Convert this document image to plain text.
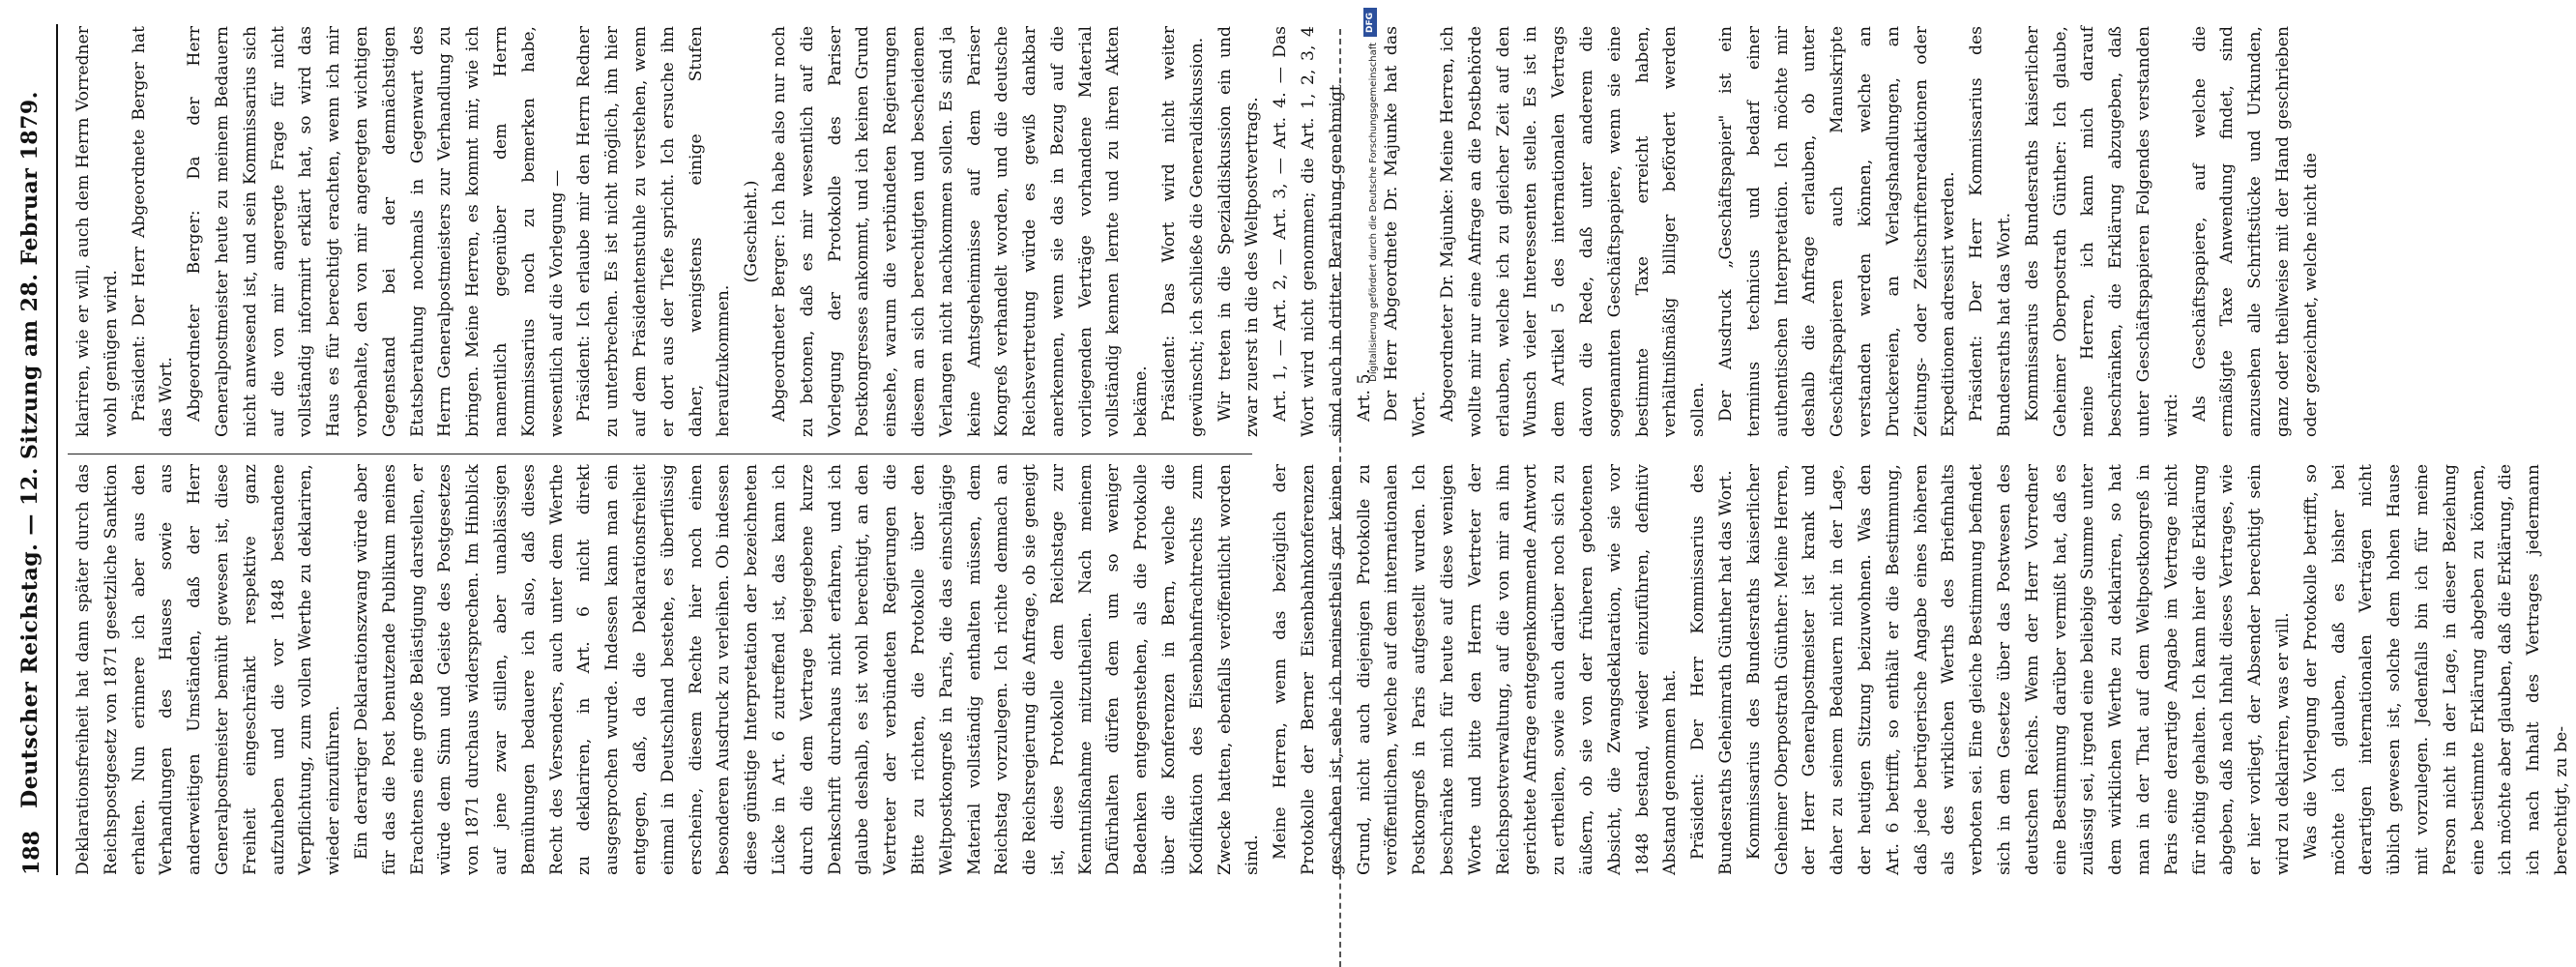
188
Deutscher Reichstag. — 12. Sitzung am 28. Februar 1879. Deklarationsfreiheit hat dann später durch das Reichspostgesetz von 1871 gesetzliche Sanktion erhalten. Nun erinnere ich aber aus den Verhandlungen des Hauses sowie aus anderweitigen Umständen, daß der Herr Generalpostmeister bemüht gewesen ist, diese Freiheit eingeschränkt respektive ganz aufzuheben und die vor 1848 bestandene Verpflichtung, zum vollen Werthe zu deklariren, wieder einzuführen. Ein derartiger Deklarationszwang würde aber für das die Post benutzende Publikum meines Erachtens eine große Belästigung darstellen, er würde dem Sinn und Geiste des Postgesetzes von 1871 durchaus widersprechen. Im Hinblick auf jene zwar stillen, aber unablässigen Bemühungen bedauere ich also, daß dieses Recht des Versenders, auch unter dem Werthe zu deklariren, in Art. 6 nicht direkt ausgesprochen wurde. Indessen kann man ein entgegen, daß, da die Deklarationsfreiheit einmal in Deutschland bestehe, es überflüssig erscheine, diesem Rechte hier noch einen besonderen Ausdruck zu verleihen. Ob indessen diese günstige Interpretation der bezeichneten Lücke in Art. 6 zutreffend ist, das kann ich durch die dem Vertrage beigegebene kurze Denkschrift durchaus nicht erfahren, und ich glaube deshalb, es ist wohl berechtigt, an den Vertreter der verbündeten Regierungen die Bitte zu richten, die Protokolle über den Weltpostkongreß in Paris, die das einschlägige Material vollständig enthalten müssen, dem Reichstag vorzulegen. Ich richte demnach an die Reichsregierung die Anfrage, ob sie geneigt ist, diese Protokolle dem Reichstage zur Kenntnißnahme mitzutheilen. Nach meinem Dafürhalten dürfen dem um so weniger Bedenken entgegenstehen, als die Protokolle über die Konferenzen in Bern, welche die Kodifikation des Eisenbahnfrachtrechts zum Zwecke hatten, ebenfalls veröffentlicht worden sind. Meine Herren, wenn das bezüglich der Protokolle der Berner Eisenbahnkonferenzen geschehen ist, sehe ich meinestheils gar keinen Grund, nicht auch diejenigen Protokolle zu veröffentlichen, welche auf dem internationalen Postkongreß in Paris aufgestellt wurden. Ich beschränke mich für heute auf diese wenigen Worte und bitte den Herrn Vertreter der Reichspostverwaltung, auf die von mir an ihn gerichtete Anfrage entgegenkommende Antwort zu ertheilen, sowie auch darüber noch sich zu äußern, ob sie von der früheren gebotenen Absicht, die Zwangsdeklaration, wie sie vor 1848 bestand, wieder einzuführen, definitiv Abstand genommen hat. Präsident: Der Herr Kommissarius des Bundesraths Geheimrath Günther hat das Wort. Kommissarius des Bundesraths kaiserlicher Geheimer Oberpostrath Günther: Meine Herren, der Herr Generalpostmeister ist krank und daher zu seinem Bedauern nicht in der Lage, der heutigen Sitzung beizuwohnen. Was den Art. 6 betrifft, so enthält er die Bestimmung, daß jede betrügerische Angabe eines höheren als des wirklichen Werths des Briefinhalts verboten sei. Eine gleiche Bestimmung befindet sich in dem Gesetze über das Postwesen des deutschen Reichs. Wenn der Herr Vorredner eine Bestimmung darüber vermißt hat, daß es zulässig sei, irgend eine beliebige Summe unter dem wirklichen Werthe zu deklariren, so hat man in der That auf dem Weltpostkongreß in Paris eine derartige Angabe im Vertrage nicht für nöthig gehalten. Ich kann hier die Erklärung abgeben, daß nach Inhalt dieses Vertrages, wie er hier vorliegt, der Absender berechtigt sein wird zu deklariren, was er will. Was die Vorlegung der Protokolle betrifft, so möchte ich glauben, daß es bisher bei derartigen internationalen Verträgen nicht üblich gewesen ist, solche dem hohen Hause mit vorzulegen. Jedenfalls bin ich für meine Person nicht in der Lage, in dieser Beziehung eine bestimmte Erklärung abgeben zu können, ich möchte aber glauben, daß die Erklärung, die ich nach Inhalt des Vertrages jedermann berechtigt, zu be-

klariren, wie er will, auch dem Herrn Vorredner wohl genügen wird. Präsident: Der Herr Abgeordnete Berger hat das Wort. Abgeordneter Berger: Da der Herr Generalpostmeister heute zu meinem Bedauern nicht anwesend ist, und sein Kommissarius sich auf die von mir angeregte Frage für nicht vollständig informirt erklärt hat, so wird das Haus es für berechtigt erachten, wenn ich mir vorbehalte, den von mir angeregten wichtigen Gegenstand bei der demnächstigen Etatsberathung nochmals in Gegenwart des Herrn Generalpostmeisters zur Verhandlung zu bringen. Meine Herren, es kommt mir, wie ich namentlich gegenüber dem Herrn Kommissarius noch zu bemerken habe, wesentlich auf die Vorlegung — Präsident: Ich erlaube mir den Herrn Redner zu unterbrechen. Es ist nicht möglich, ihn hier auf dem Präsidentenstuhle zu verstehen, wenn er dort aus der Tiefe spricht. Ich ersuche ihn daher, wenigstens einige Stufen heraufzukommen.

(Geschieht.) Abgeordneter Berger: Ich habe also nur noch zu betonen, daß es mir wesentlich auf die Vorlegung der Protokolle des Pariser Postkongresses ankommt, und ich keinen Grund einsehe, warum die verbündeten Regierungen diesem an sich berechtigten und bescheidenen Verlangen nicht nachkommen sollen. Es sind ja keine Amtsgeheimnisse auf dem Pariser Kongreß verhandelt worden, und die deutsche Reichsvertretung würde es gewiß dankbar anerkennen, wenn sie das in Bezug auf die vorliegenden Verträge vorhandene Material vollständig kennen lernte und zu ihren Akten bekäme. Präsident: Das Wort wird nicht weiter gewünscht; ich schließe die Generaldiskussion. Wir treten in die Spezialdiskussion ein und zwar zuerst in die des Weltpostvertrags. Art. 1, — Art. 2, — Art. 3, — Art. 4. — Das Wort wird nicht genommen; die Art. 1, 2, 3, 4 sind auch in dritter Berathung genehmigt. Art. 5. Der Herr Abgeordnete Dr. Majunke hat das Wort. Abgeordneter Dr. Majunke: Meine Herren, ich wollte mir nur eine Anfrage an die Postbehörde erlauben, welche ich zu gleicher Zeit auf den Wunsch vieler Interessenten stelle. Es ist in dem Artikel 5 des internationalen Vertrags davon die Rede, daß unter anderem die sogenannten Geschäftspapiere, wenn sie eine bestimmte Taxe erreicht haben, verhältnißmäßig billiger befördert werden sollen. Der Ausdruck „Geschäftspapier" ist ein terminus technicus und bedarf einer authentischen Interpretation. Ich möchte mir deshalb die Anfrage erlauben, ob unter Geschäftspapieren auch Manuskripte verstanden werden können, welche an Druckereien, an Verlagshandlungen, an Zeitungs- oder Zeitschriftenredaktionen oder Expeditionen adressirt werden. Präsident: Der Herr Kommissarius des Bundesraths hat das Wort. Kommissarius des Bundesraths kaiserlicher Geheimer Oberpostrath Günther: Ich glaube, meine Herren, ich kann mich darauf beschränken, die Erklärung abzugeben, daß unter Geschäftspapieren Folgendes verstanden wird: Als Geschäftspapiere, auf welche die ermäßigte Taxe Anwendung findet, sind anzusehen alle Schriftstücke und Urkunden, ganz oder theilweise mit der Hand geschrieben oder gezeichnet, welche nicht die

DFG
Digitalisierung gefördert durch die Deutsche Forschungsgemeinschaft
